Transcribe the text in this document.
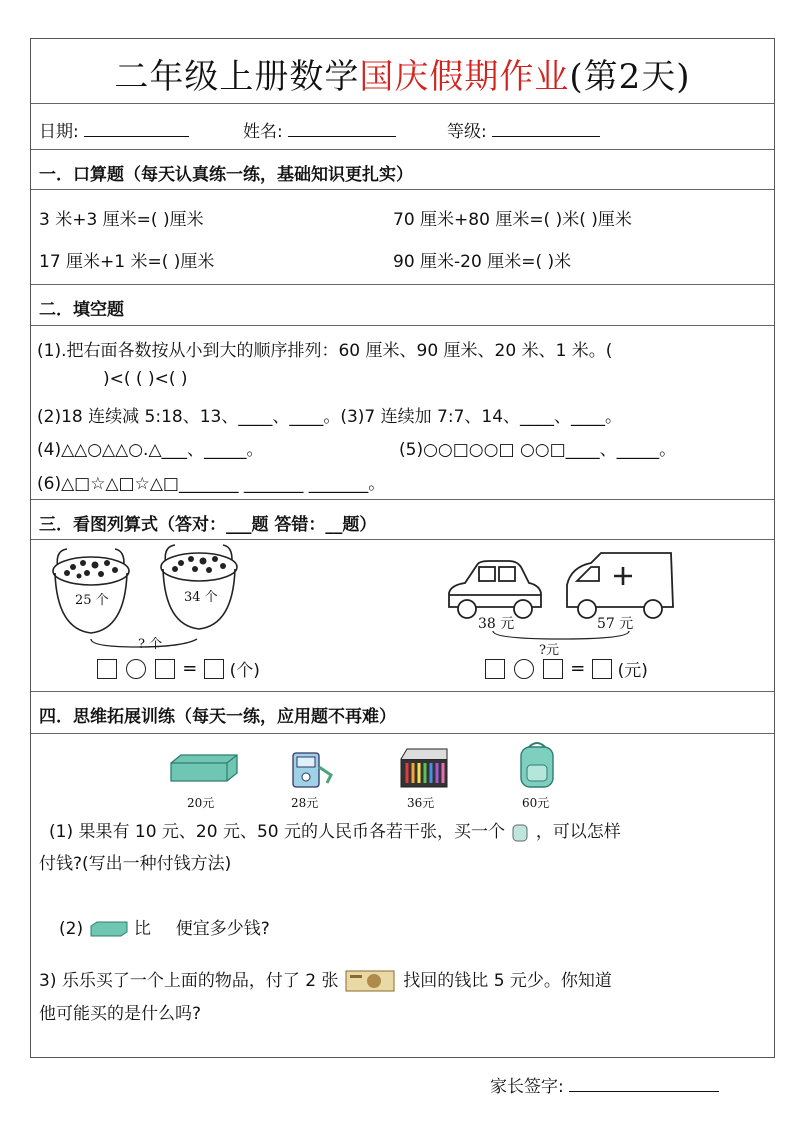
二年级上册数学国庆假期作业(第2天)
日期:	姓名:	等级:
一．口算题（每天认真练一练，基础知识更扎实）
3 米+3 厘米=( )厘米	70 厘米+80 厘米=( )米( )厘米
17 厘米+1 米=( )厘米	90 厘米-20 厘米=( )米
二．填空题
(1).把右面各数按从小到大的顺序排列：60 厘米、90 厘米、20 米、1 米。(
)<( ( )<( )
(2)18 连续减 5:18、13、____、____。(3)7 连续加 7:7、14、____、____。
(4)△△○△△○.△___、_____。	(5)○○□○○□ ○○□____、_____。
(6)△□☆△□☆△□_______ _______ _______。
三．看图列算式（答对：___题 答错：__题）
25 个	34 个
? 个
= (个)
38 元	57 元
?元
= (元)
四．思维拓展训练（每天一练，应用题不再难）
20元	28元	36元	60元
(1) 果果有 10 元、20 元、50 元的人民币各若干张，买一个 ，可以怎样
付钱?(写出一种付钱方法)
(2)	比 便宜多少钱?
3) 乐乐买了一个上面的物品，付了 2 张	找回的钱比 5 元少。你知道
他可能买的是什么吗?
家长签字:
